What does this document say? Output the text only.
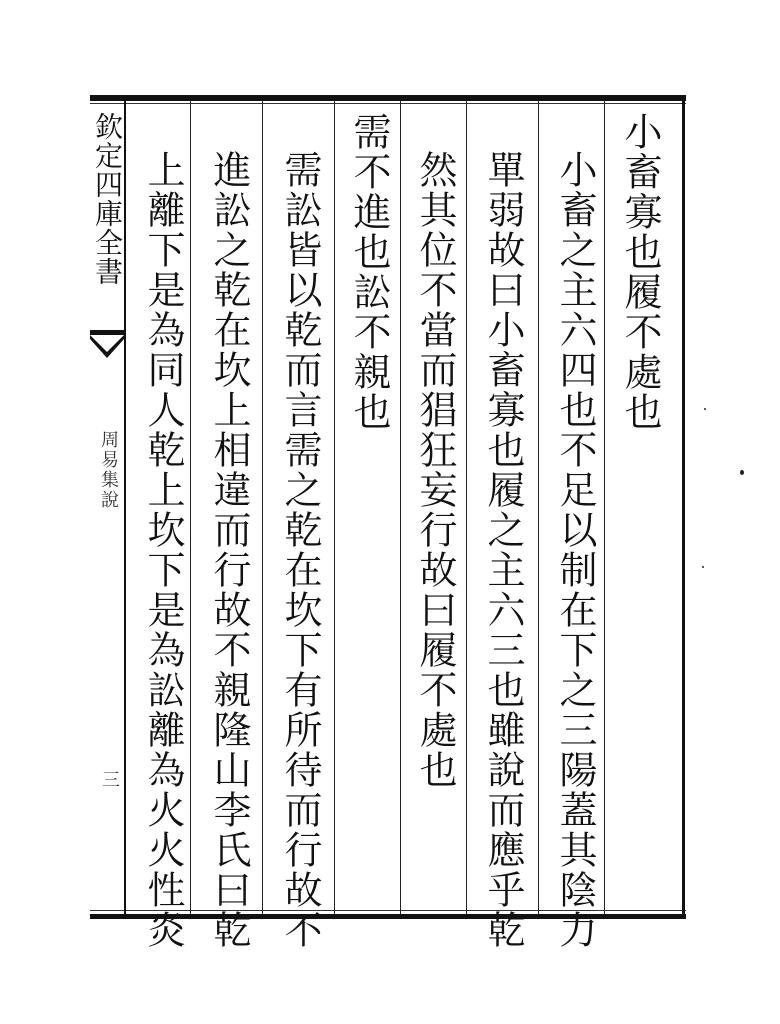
欽定四庫全書
周易集說
三
小畜寡也履不處也
小畜之主六四也不足以制在下之三陽蓋其陰力
單弱故曰小畜寡也履之主六三也雖說而應乎乾
然其位不當而猖狂妄行故曰履不處也
需不進也訟不親也
需訟皆以乾而言需之乾在坎下有所待而行故不
進訟之乾在坎上相違而行故不親隆山李氏曰乾
上離下是為同人乾上坎下是為訟離為火火性炎
